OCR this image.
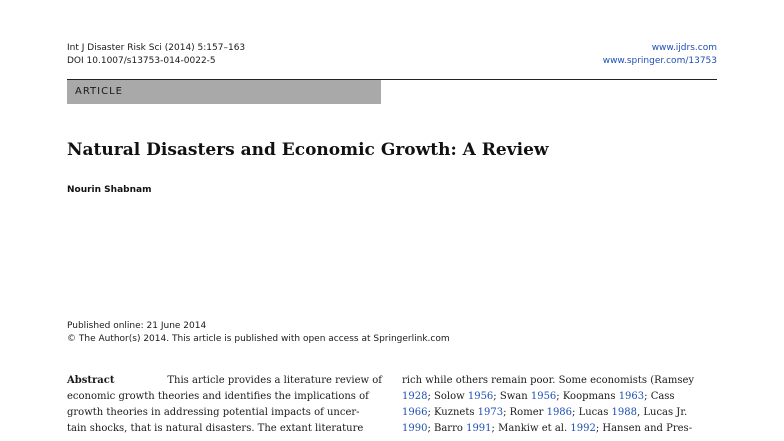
Int J Disaster Risk Sci (2014) 5:157–163
DOI 10.1007/s13753-014-0022-5
www.ijdrs.com
www.springer.com/13753
ARTICLE
Natural Disasters and Economic Growth: A Review
Nourin Shabnam
Published online: 21 June 2014
© The Author(s) 2014. This article is published with open access at Springerlink.com
Abstract	This article provides a literature review of
economic growth theories and identifies the implications of
growth theories in addressing potential impacts of uncer-
tain shocks, that is natural disasters. The extant literature
rich while others remain poor. Some economists (Ramsey
1928 ; Solow 1956 ; Swan 1956 ; Koopmans 1963 ; Cass
1966 ; Kuznets 1973 ; Romer 1986 ; Lucas 1988 , Lucas Jr.
1990 ; Barro 1991 ; Mankiw et al. 1992 ; Hansen and Pres-
